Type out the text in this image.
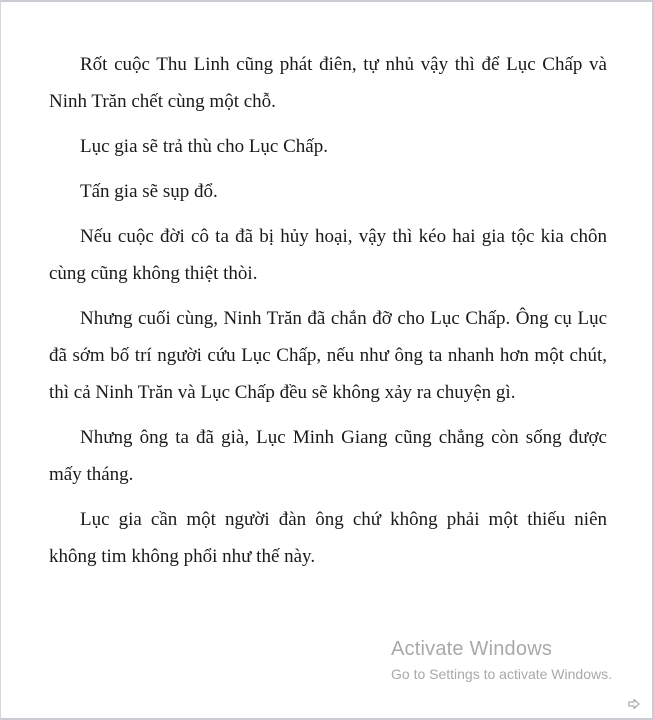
Rốt cuộc Thu Linh cũng phát điên, tự nhủ vậy thì để Lục Chấp và Ninh Trăn chết cùng một chỗ.

Lục gia sẽ trả thù cho Lục Chấp.

Tấn gia sẽ sụp đổ.

Nếu cuộc đời cô ta đã bị hủy hoại, vậy thì kéo hai gia tộc kia chôn cùng cũng không thiệt thòi.

Nhưng cuối cùng, Ninh Trăn đã chắn đỡ cho Lục Chấp. Ông cụ Lục đã sớm bố trí người cứu Lục Chấp, nếu như ông ta nhanh hơn một chút, thì cả Ninh Trăn và Lục Chấp đều sẽ không xảy ra chuyện gì.

Nhưng ông ta đã già, Lục Minh Giang cũng chẳng còn sống được mấy tháng.

Lục gia cần một người đàn ông chứ không phải một thiếu niên không tim không phổi như thế này.

Activate Windows
Go to Settings to activate Windows.
